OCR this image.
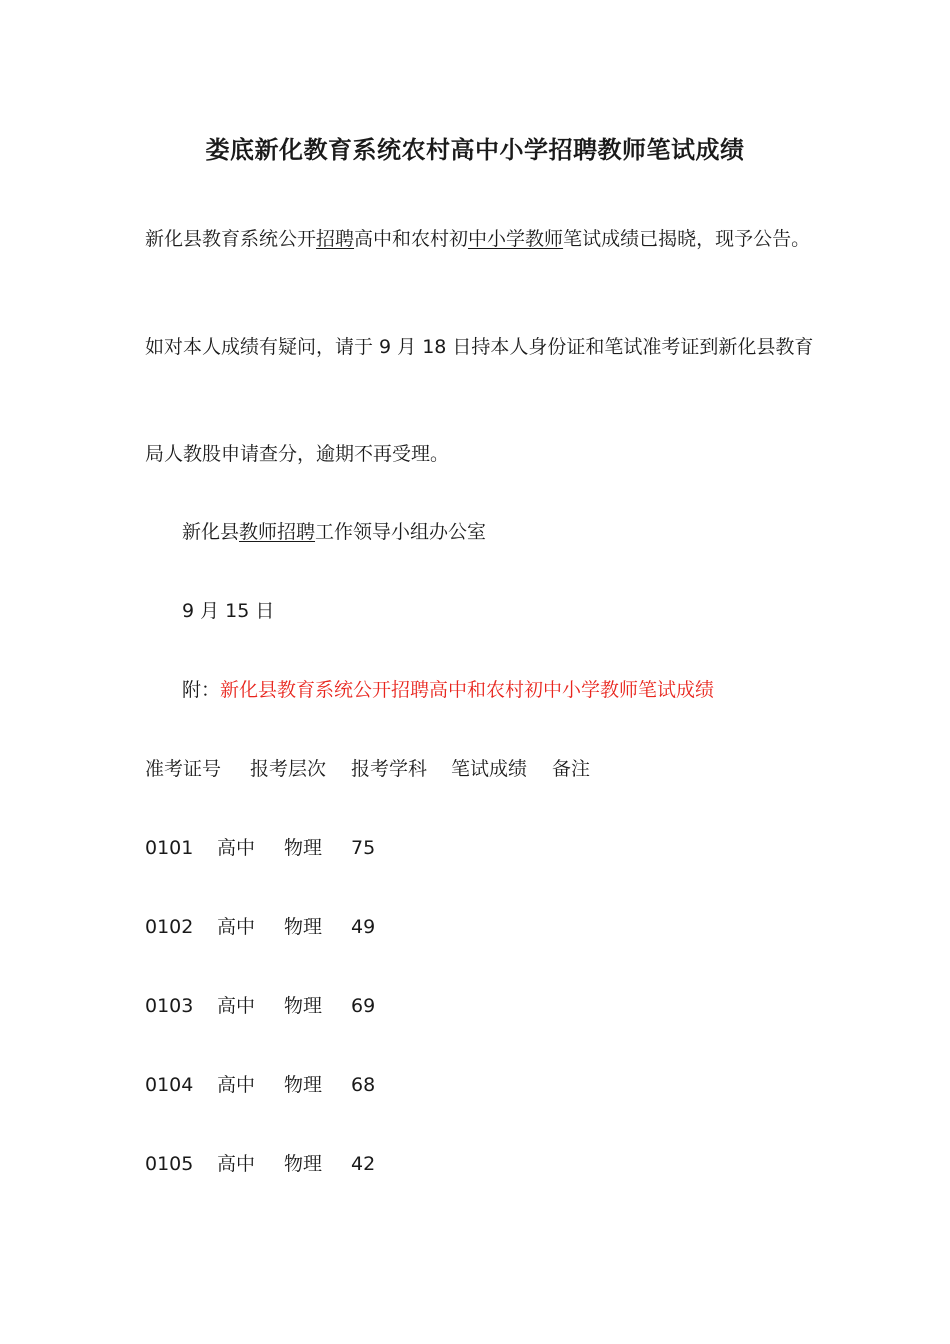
娄底新化教育系统农村高中小学招聘教师笔试成绩
新化县教育系统公开招聘高中和农村初中小学教师笔试成绩已揭晓，现予公告。
如对本人成绩有疑问，请于 9 月 18 日持本人身份证和笔试准考证到新化县教育
局人教股申请查分，逾期不再受理。
新化县教师招聘工作领导小组办公室
9 月 15 日
附：新化县教育系统公开招聘高中和农村初中小学教师笔试成绩
准考证号 报考层次 报考学科 笔试成绩 备注
0101 高中 物理 75
0102 高中 物理 49
0103 高中 物理 69
0104 高中 物理 68
0105 高中 物理 42
